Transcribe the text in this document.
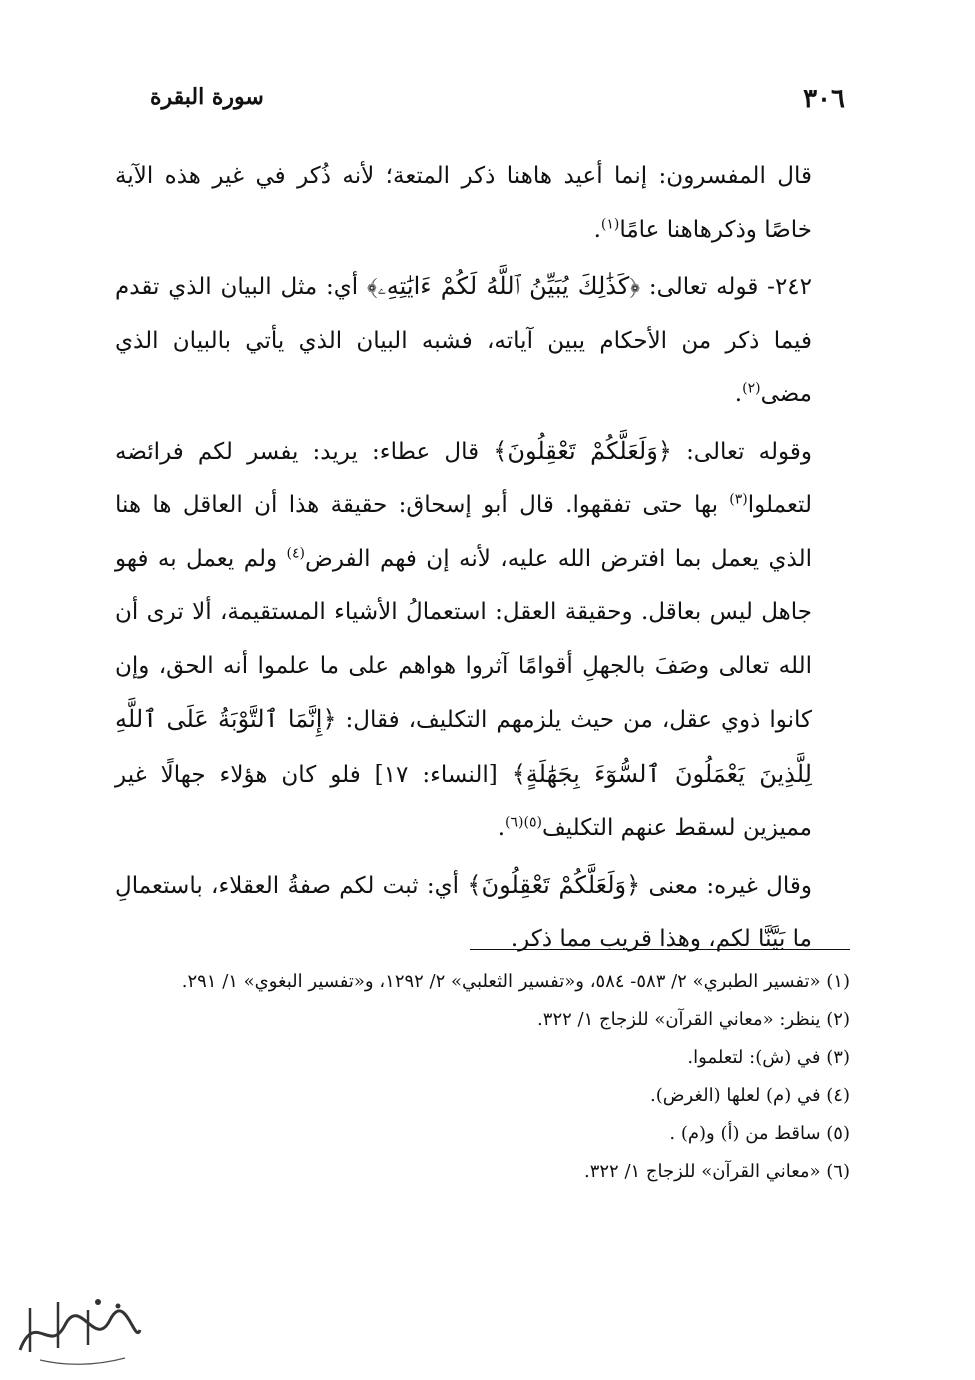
٣٠٦
سورة البقرة

قال المفسرون: إنما أعيد هاهنا ذكر المتعة؛ لأنه ذُكر في غير هذه الآية خاصًا وذكرهاهنا عامًا$^{(١)}$.

٢٤٢- قوله تعالى: ﴿كَذَٰلِكَ يُبَيِّنُ ٱللَّهُ لَكُمْ ءَايَٰتِهِۦ﴾ أي: مثل البيان الذي تقدم فيما ذكر من الأحكام يبين آياته، فشبه البيان الذي يأتي بالبيان الذي مضى$^{(٢)}$.

وقوله تعالى: ﴿وَلَعَلَّكُمْ تَعْقِلُونَ﴾ قال عطاء: يريد: يفسر لكم فرائضه لتعملوا$^{(٣)}$ بها حتى تفقهوا. قال أبو إسحاق: حقيقة هذا أن العاقل ها هنا الذي يعمل بما افترض الله عليه، لأنه إن فهم الفرض$^{(٤)}$ ولم يعمل به فهو جاهل ليس بعاقل. وحقيقة العقل: استعمالُ الأشياء المستقيمة، ألا ترى أن الله تعالى وصَفَ بالجهلِ أقوامًا آثروا هواهم على ما علموا أنه الحق، وإن كانوا ذوي عقل، من حيث يلزمهم التكليف، فقال: ﴿إِنَّمَا ٱلتَّوْبَةُ عَلَى ٱللَّهِ لِلَّذِينَ يَعْمَلُونَ ٱلسُّوٓءَ بِجَهَٰلَةٍ﴾ [النساء: ١٧] فلو كان هؤلاء جهالًا غير مميزين لسقط عنهم التكليف$^{(٥)(٦)}$.

وقال غيره: معنى ﴿وَلَعَلَّكُمْ تَعْقِلُونَ﴾ أي: ثبت لكم صفةُ العقلاء، باستعمالِ ما بَيَّنَّا لكم، وهذا قريب مما ذكر.

(١) «تفسير الطبري» ٢/ ٥٨٣- ٥٨٤، و«تفسير الثعلبي» ٢/ ١٢٩٢، و«تفسير البغوي» ١/ ٢٩١.

(٢) ينظر: «معاني القرآن» للزجاج ١/ ٣٢٢.

(٣) في (ش): لتعلموا.

(٤) في (م) لعلها (الغرض).

(٥) ساقط من (أ) و(م) .

(٦) «معاني القرآن» للزجاج ١/ ٣٢٢.
